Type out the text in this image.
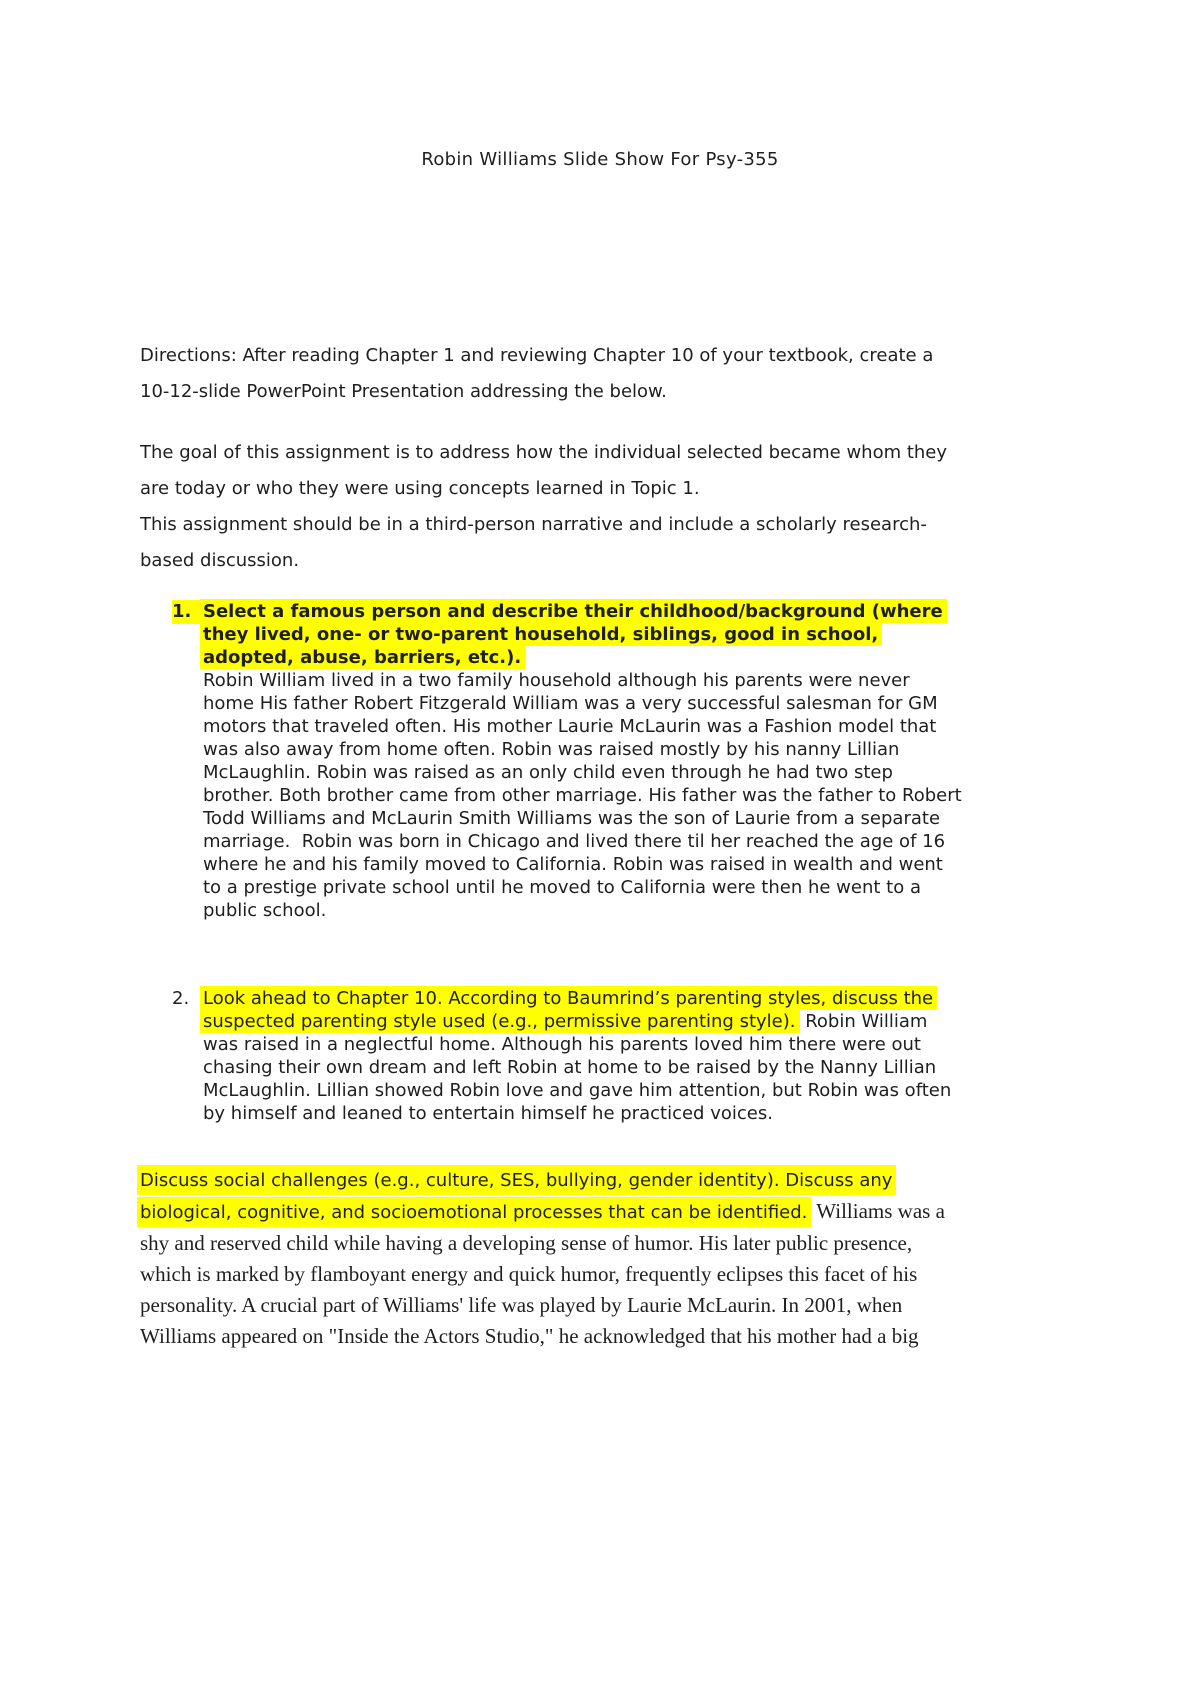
Robin Williams Slide Show For Psy-355
Directions: After reading Chapter 1 and reviewing Chapter 10 of your textbook, create a
10-12-slide PowerPoint Presentation addressing the below.
The goal of this assignment is to address how the individual selected became whom they
are today or who they were using concepts learned in Topic 1.
This assignment should be in a third-person narrative and include a scholarly research-
based discussion.
1. Select a famous person and describe their childhood/background (where
they lived, one- or two-parent household, siblings, good in school,
adopted, abuse, barriers, etc.).
Robin William lived in a two family household although his parents were never
home His father Robert Fitzgerald William was a very successful salesman for GM
motors that traveled often. His mother Laurie McLaurin was a Fashion model that
was also away from home often. Robin was raised mostly by his nanny Lillian
McLaughlin. Robin was raised as an only child even through he had two step
brother. Both brother came from other marriage. His father was the father to Robert
Todd Williams and McLaurin Smith Williams was the son of Laurie from a separate
marriage.  Robin was born in Chicago and lived there til her reached the age of 16
where he and his family moved to California. Robin was raised in wealth and went
to a prestige private school until he moved to California were then he went to a
public school.
2. Look ahead to Chapter 10. According to Baumrind’s parenting styles, discuss the
suspected parenting style used (e.g., permissive parenting style). Robin William
was raised in a neglectful home. Although his parents loved him there were out
chasing their own dream and left Robin at home to be raised by the Nanny Lillian
McLaughlin. Lillian showed Robin love and gave him attention, but Robin was often
by himself and leaned to entertain himself he practiced voices.
Discuss social challenges (e.g., culture, SES, bullying, gender identity). Discuss any
biological, cognitive, and socioemotional processes that can be identified. Williams was a
shy and reserved child while having a developing sense of humor. His later public presence,
which is marked by flamboyant energy and quick humor, frequently eclipses this facet of his
personality. A crucial part of Williams' life was played by Laurie McLaurin. In 2001, when
Williams appeared on "Inside the Actors Studio," he acknowledged that his mother had a big
